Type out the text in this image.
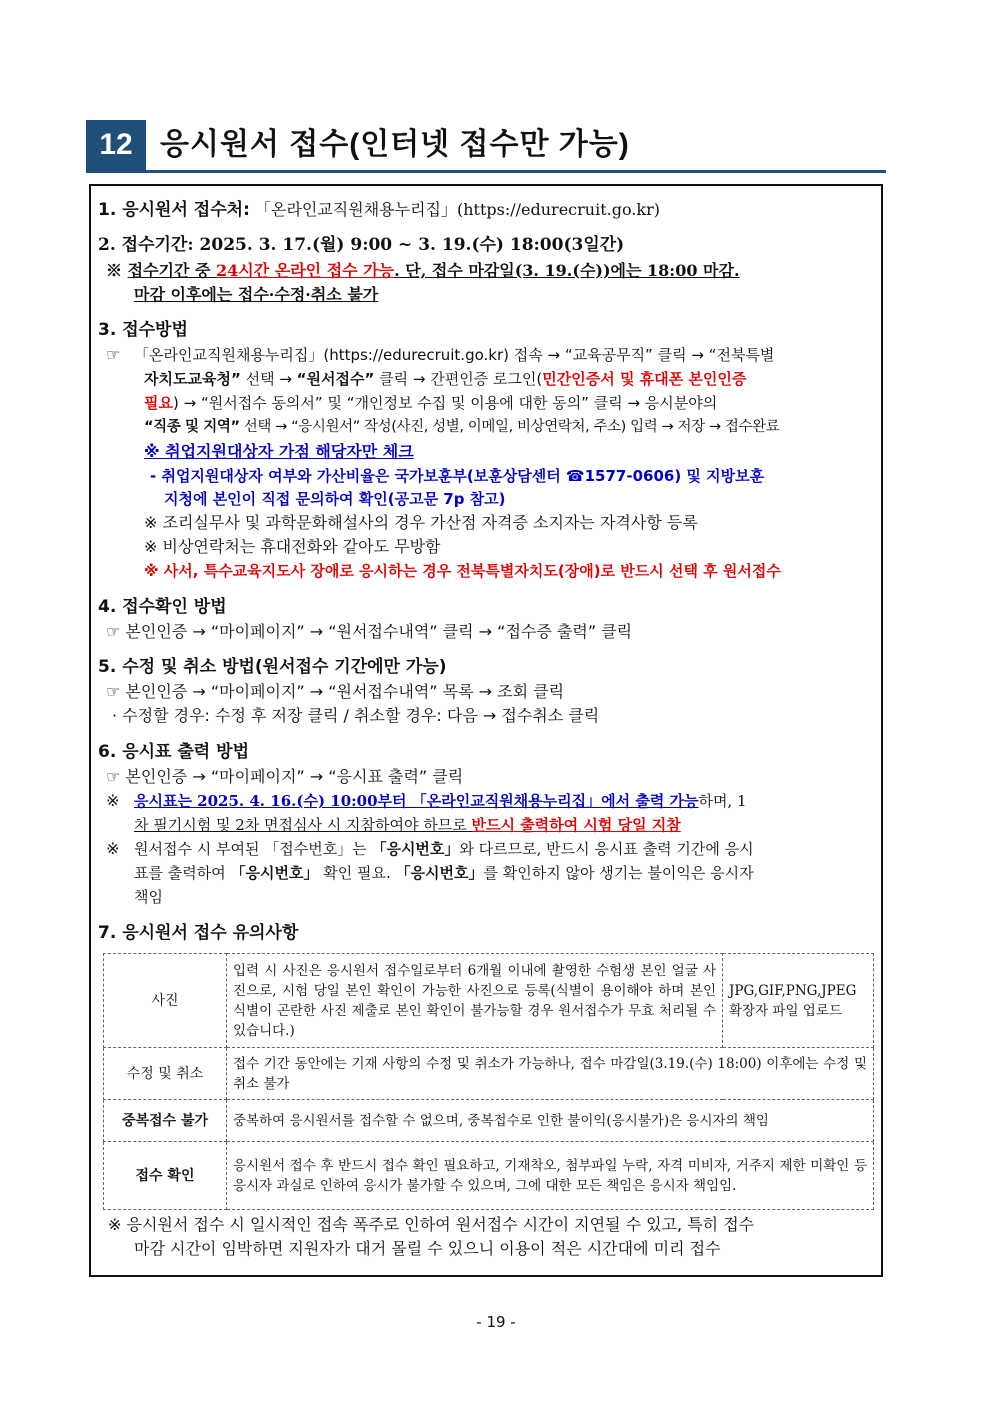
12 응시원서 접수(인터넷 접수만 가능)
1. 응시원서 접수처: 「온라인교직원채용누리집」(https://edurecruit.go.kr)
2. 접수기간: 2025. 3. 17.(월) 9:00 ~ 3. 19.(수) 18:00(3일간)
※ 접수기간 중 24시간 온라인 접수 가능. 단, 접수 마감일(3. 19.(수))에는 18:00 마감.
마감 이후에는 접수·수정·취소 불가
3. 접수방법
☞ 「온라인교직원채용누리집」(https://edurecruit.go.kr) 접속 → “교육공무직” 클릭 → “전북특별
자치도교육청” 선택 → “원서접수” 클릭 → 간편인증 로그인(민간인증서 및 휴대폰 본인인증
필요) → “원서접수 동의서” 및 “개인정보 수집 및 이용에 대한 동의” 클릭 → 응시분야의
“직종 및 지역” 선택 → “응시원서” 작성(사진, 성별, 이메일, 비상연락처, 주소) 입력 → 저장 → 접수완료
※ 취업지원대상자 가점 해당자만 체크
- 취업지원대상자 여부와 가산비율은 국가보훈부(보훈상담센터 ☎1577-0606) 및 지방보훈
지청에 본인이 직접 문의하여 확인(공고문 7p 참고)
※ 조리실무사 및 과학문화해설사의 경우 가산점 자격증 소지자는 자격사항 등록
※ 비상연락처는 휴대전화와 같아도 무방함
※ 사서, 특수교육지도사 장애로 응시하는 경우 전북특별자치도(장애)로 반드시 선택 후 원서접수
4. 접수확인 방법
☞ 본인인증 → “마이페이지” → “원서접수내역” 클릭 → “접수증 출력” 클릭
5. 수정 및 취소 방법(원서접수 기간에만 가능)
☞ 본인인증 → “마이페이지” → “원서접수내역” 목록 → 조회 클릭
· 수정할 경우: 수정 후 저장 클릭 / 취소할 경우: 다음 → 접수취소 클릭
6. 응시표 출력 방법
☞ 본인인증 → “마이페이지” → “응시표 출력” 클릭
※ 응시표는 2025. 4. 16.(수) 10:00부터 「온라인교직원채용누리집」에서 출력 가능하며, 1
차 필기시험 및 2차 면접심사 시 지참하여야 하므로 반드시 출력하여 시험 당일 지참
※ 원서접수 시 부여된 「접수번호」는 「응시번호」와 다르므로, 반드시 응시표 출력 기간에 응시
표를 출력하여 「응시번호」 확인 필요. 「응시번호」를 확인하지 않아 생기는 불이익은 응시자
책임
7. 응시원서 접수 유의사항
사진	입력 시 사진은 응시원서 접수일로부터 6개월 이내에 촬영한 수험생 본인 얼굴 사진으로, 시험 당일 본인 확인이 가능한 사진으로 등록(식별이 용이해야 하며 본인 식별이 곤란한 사진 제출로 본인 확인이 불가능할 경우 원서접수가 무효 처리될 수 있습니다.)	JPG,GIF,PNG,JPEG 확장자 파일 업로드
수정 및 취소	접수 기간 동안에는 기재 사항의 수정 및 취소가 가능하나, 접수 마감일(3.19.(수) 18:00) 이후에는 수정 및 취소 불가	
중복접수 불가	중복하여 응시원서를 접수할 수 없으며, 중복접수로 인한 불이익(응시불가)은 응시자의 책임	
접수 확인	응시원서 접수 후 반드시 접수 확인 필요하고, 기재착오, 첨부파일 누락, 자격 미비자, 거주지 제한 미확인 등 응시자 과실로 인하여 응시가 불가할 수 있으며, 그에 대한 모든 책임은 응시자 책임임.	
※ 응시원서 접수 시 일시적인 접속 폭주로 인하여 원서접수 시간이 지연될 수 있고, 특히 접수
마감 시간이 임박하면 지원자가 대거 몰릴 수 있으니 이용이 적은 시간대에 미리 접수
- 19 -
